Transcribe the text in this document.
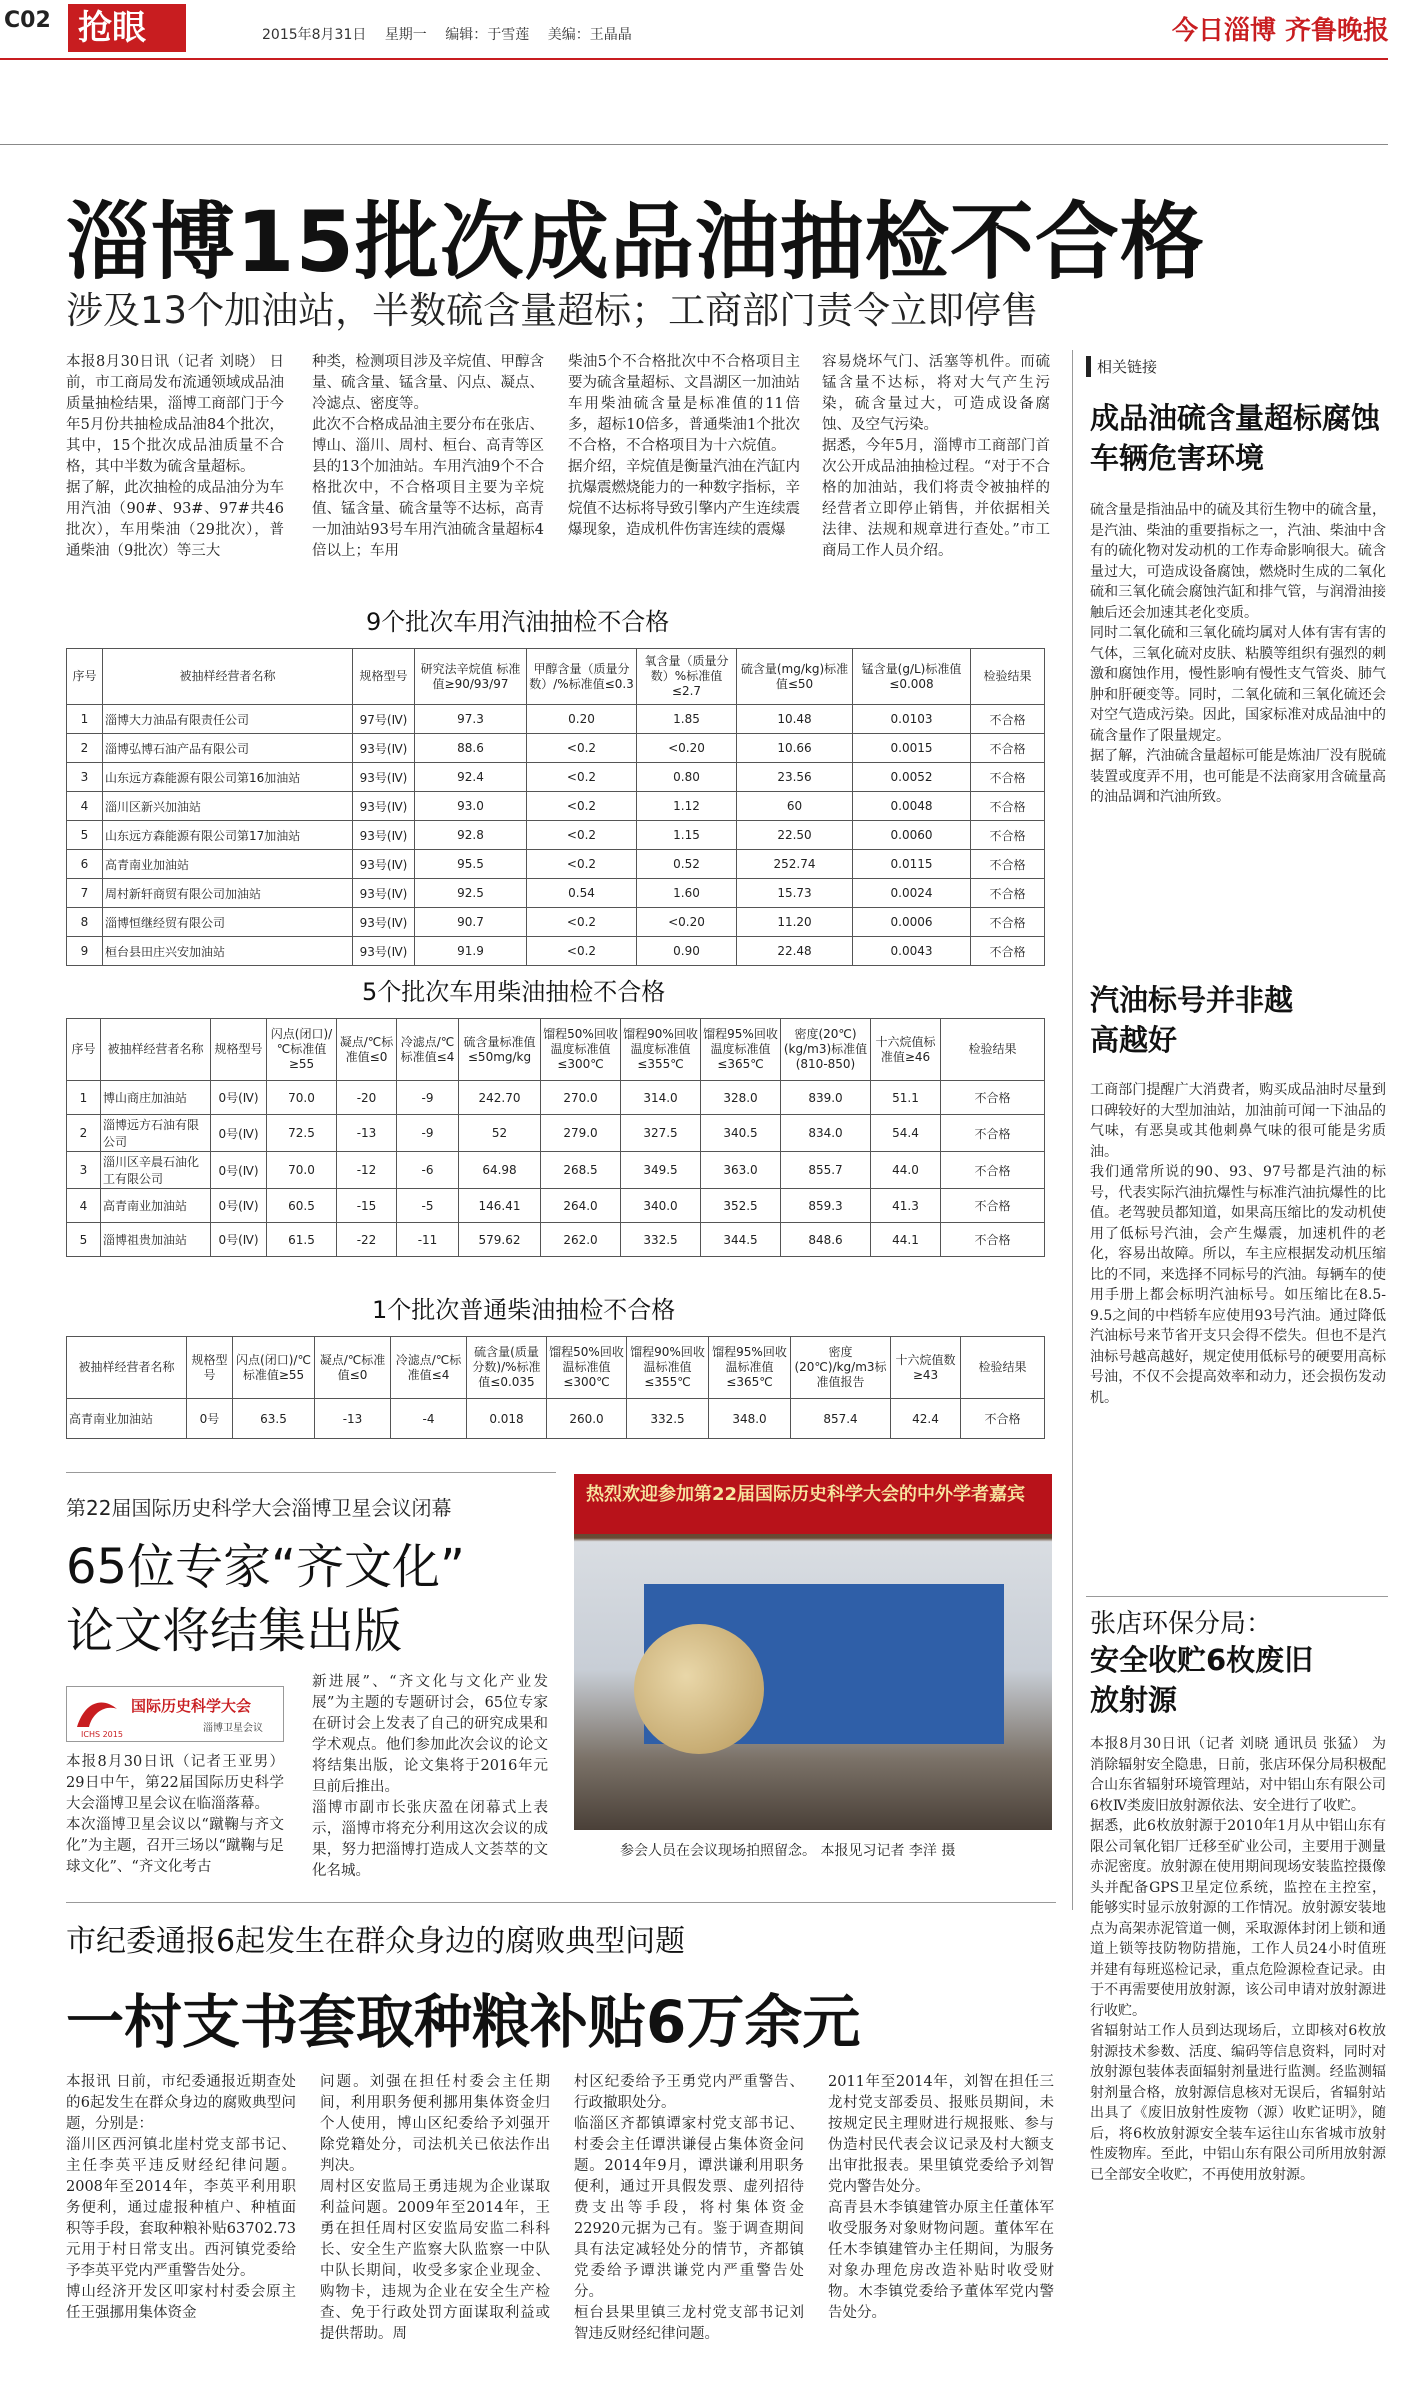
C02 抢眼	2015年8月31日 星期一 编辑：于雪莲 美编：王晶晶	今日淄博 齐鲁晚报
淄博15批次成品油抽检不合格
涉及13个加油站，半数硫含量超标；工商部门责令立即停售
本报8月30日讯（记者 刘晓） 日前，市工商局发布流通领域成品油质量抽检结果，淄博工商部门于今年5月份共抽检成品油84个批次，其中，15个批次成品油质量不合格，其中半数为硫含量超标。
据了解，此次抽检的成品油分为车用汽油（90#、93#、97#共46批次），车用柴油（29批次），普通柴油（9批次）等三大
种类，检测项目涉及辛烷值、甲醇含量、硫含量、锰含量、闪点、凝点、冷滤点、密度等。
此次不合格成品油主要分布在张店、博山、淄川、周村、桓台、高青等区县的13个加油站。车用汽油9个不合格批次中，不合格项目主要为辛烷值、锰含量、硫含量等不达标，高青一加油站93号车用汽油硫含量超标4倍以上；车用
柴油5个不合格批次中不合格项目主要为硫含量超标、文昌湖区一加油站车用柴油硫含量是标准值的11倍多，超标10倍多，普通柴油1个批次不合格，不合格项目为十六烷值。
据介绍，辛烷值是衡量汽油在汽缸内抗爆震燃烧能力的一种数字指标，辛烷值不达标将导致引擎内产生连续震爆现象，造成机件伤害连续的震爆
容易烧坏气门、活塞等机件。而硫锰含量不达标，将对大气产生污染，硫含量过大，可造成设备腐蚀、及空气污染。
据悉，今年5月，淄博市工商部门首次公开成品油抽检过程。“对于不合格的加油站，我们将责令被抽样的经营者立即停止销售，并依据相关法律、法规和规章进行查处。”市工商局工作人员介绍。
9个批次车用汽油抽检不合格
序号	被抽样经营者名称	规格型号	研究法辛烷值 标准值≥90/93/97	甲醇含量（质量分数）/%标准值≤0.3	氧含量（质量分数）%标准值≤2.7	硫含量(mg/kg)标准值≤50	锰含量(g/L)标准值≤0.008	检验结果
1	淄博大力油品有限责任公司	97号(Ⅳ)	97.3	0.20	1.85	10.48	0.0103	不合格
2	淄博弘博石油产品有限公司	93号(Ⅳ)	88.6	<0.2	<0.20	10.66	0.0015	不合格
3	山东远方森能源有限公司第16加油站	93号(Ⅳ)	92.4	<0.2	0.80	23.56	0.0052	不合格
4	淄川区新兴加油站	93号(Ⅳ)	93.0	<0.2	1.12	60	0.0048	不合格
5	山东远方森能源有限公司第17加油站	93号(Ⅳ)	92.8	<0.2	1.15	22.50	0.0060	不合格
6	高青南业加油站	93号(Ⅳ)	95.5	<0.2	0.52	252.74	0.0115	不合格
7	周村新轩商贸有限公司加油站	93号(Ⅳ)	92.5	0.54	1.60	15.73	0.0024	不合格
8	淄博恒继经贸有限公司	93号(Ⅳ)	90.7	<0.2	<0.20	11.20	0.0006	不合格
9	桓台县田庄兴安加油站	93号(Ⅳ)	91.9	<0.2	0.90	22.48	0.0043	不合格
5个批次车用柴油抽检不合格
序号	被抽样经营者名称	规格型号	闪点(闭口)/℃标准值≥55	凝点/℃标准值≤0	冷滤点/℃标准值≤4	硫含量标准值≤50mg/kg	馏程50%回收温度标准值≤300℃	馏程90%回收温度标准值≤355℃	馏程95%回收温度标准值≤365℃	密度(20℃)(kg/m3)标准值(810-850)	十六烷值标准值≥46	检验结果
1	博山商庄加油站	0号(Ⅳ)	70.0	-20	-9	242.70	270.0	314.0	328.0	839.0	51.1	不合格
2	淄博远方石油有限公司	0号(Ⅳ)	72.5	-13	-9	52	279.0	327.5	340.5	834.0	54.4	不合格
3	淄川区辛晨石油化工有限公司	0号(Ⅳ)	70.0	-12	-6	64.98	268.5	349.5	363.0	855.7	44.0	不合格
4	高青南业加油站	0号(Ⅳ)	60.5	-15	-5	146.41	264.0	340.0	352.5	859.3	41.3	不合格
5	淄博祖贵加油站	0号(Ⅳ)	61.5	-22	-11	579.62	262.0	332.5	344.5	848.6	44.1	不合格
1个批次普通柴油抽检不合格
被抽样经营者名称	规格型号	闪点(闭口)/℃标准值≥55	凝点/℃标准值≤0	冷滤点/℃标准值≤4	硫含量(质量分数)/%标准值≤0.035	馏程50%回收温标准值≤300℃	馏程90%回收温标准值≤355℃	馏程95%回收温标准值≤365℃	密度(20℃)/kg/m3标准值报告	十六烷值数≥43	检验结果
高青南业加油站	0号	63.5	-13	-4	0.018	260.0	332.5	348.0	857.4	42.4	不合格
相关链接
成品油硫含量超标腐蚀车辆危害环境
硫含量是指油品中的硫及其衍生物中的硫含量，是汽油、柴油的重要指标之一，汽油、柴油中含有的硫化物对发动机的工作寿命影响很大。硫含量过大，可造成设备腐蚀，燃烧时生成的二氧化硫和三氧化硫会腐蚀汽缸和排气管，与润滑油接触后还会加速其老化变质。
同时二氧化硫和三氧化硫均属对人体有害有害的气体，三氧化硫对皮肤、粘膜等组织有强烈的刺激和腐蚀作用，慢性影响有慢性支气管炎、肺气肿和肝硬变等。同时，二氧化硫和三氧化硫还会对空气造成污染。因此，国家标准对成品油中的硫含量作了限量规定。
据了解，汽油硫含量超标可能是炼油厂没有脱硫装置或度弄不用，也可能是不法商家用含硫量高的油品调和汽油所致。
汽油标号并非越高越好
工商部门提醒广大消费者，购买成品油时尽量到口碑较好的大型加油站，加油前可闻一下油品的气味，有恶臭或其他刺鼻气味的很可能是劣质油。
我们通常所说的90、93、97号都是汽油的标号，代表实际汽油抗爆性与标准汽油抗爆性的比值。老驾驶员都知道，如果高压缩比的发动机使用了低标号汽油，会产生爆震，加速机件的老化，容易出故障。所以，车主应根据发动机压缩比的不同，来选择不同标号的汽油。每辆车的使用手册上都会标明汽油标号。如压缩比在8.5-9.5之间的中档轿车应使用93号汽油。通过降低汽油标号来节省开支只会得不偿失。但也不是汽油标号越高越好，规定使用低标号的硬要用高标号油，不仅不会提高效率和动力，还会损伤发动机。
张店环保分局：
安全收贮6枚废旧放射源
本报8月30日讯（记者 刘晓 通讯员 张猛） 为消除辐射安全隐患，日前，张店环保分局积极配合山东省辐射环境管理站，对中铝山东有限公司6枚Ⅳ类废旧放射源依法、安全进行了收贮。
据悉，此6枚放射源于2010年1月从中铝山东有限公司氧化铝厂迁移至矿业公司，主要用于测量赤泥密度。放射源在使用期间现场安装监控摄像头并配备GPS卫星定位系统，监控在主控室，能够实时显示放射源的工作情况。放射源安装地点为高架赤泥管道一侧，采取源体封闭上锁和通道上锁等技防物防措施，工作人员24小时值班并建有每班巡检记录，重点危险源检查记录。由于不再需要使用放射源，该公司申请对放射源进行收贮。
省辐射站工作人员到达现场后，立即核对6枚放射源技术参数、活度、编码等信息资料，同时对放射源包装体表面辐射剂量进行监测。经监测辐射剂量合格，放射源信息核对无误后，省辐射站出具了《废旧放射性废物（源）收贮证明》，随后，将6枚放射源安全装车运往山东省城市放射性废物库。至此，中铝山东有限公司所用放射源已全部安全收贮，不再使用放射源。
第22届国际历史科学大会淄博卫星会议闭幕
65位专家“齐文化”
论文将结集出版
ICHS 2015
国际历史科学大会
淄博卫星会议
本报8月30日讯（记者王亚男）29日中午，第22届国际历史科学大会淄博卫星会议在临淄落幕。
本次淄博卫星会议以“蹴鞠与齐文化”为主题，召开三场以“蹴鞠与足球文化”、“齐文化考古
新进展”、“齐文化与文化产业发展”为主题的专题研讨会，65位专家在研讨会上发表了自己的研究成果和学术观点。他们参加此次会议的论文将结集出版，论文集将于2016年元旦前后推出。
淄博市副市长张庆盈在闭幕式上表示，淄博市将充分利用这次会议的成果，努力把淄博打造成人文荟萃的文化名城。
热烈欢迎参加第22届国际历史科学大会的中外学者嘉宾
参会人员在会议现场拍照留念。 本报见习记者 李洋 摄
市纪委通报6起发生在群众身边的腐败典型问题
一村支书套取种粮补贴6万余元
本报讯 日前，市纪委通报近期查处的6起发生在群众身边的腐败典型问题，分别是：
淄川区西河镇北崖村党支部书记、主任李英平违反财经纪律问题。2008年至2014年，李英平利用职务便利，通过虚报种植户、种植面积等手段，套取种粮补贴63702.73元用于村日常支出。西河镇党委给予李英平党内严重警告处分。
博山经济开发区叩家村村委会原主任王强挪用集体资金
问题。刘强在担任村委会主任期间，利用职务便利挪用集体资金归个人使用，博山区纪委给予刘强开除党籍处分，司法机关已依法作出判决。
周村区安监局王勇违规为企业谋取利益问题。2009年至2014年，王勇在担任周村区安监局安监二科科长、安全生产监察大队监察一中队中队长期间，收受多家企业现金、购物卡，违规为企业在安全生产检查、免于行政处罚方面谋取利益或提供帮助。周
村区纪委给予王勇党内严重警告、行政撤职处分。
临淄区齐都镇谭家村党支部书记、村委会主任谭洪谦侵占集体资金问题。2014年9月，谭洪谦利用职务便利，通过开具假发票、虚列招待费支出等手段，将村集体资金22920元据为己有。鉴于调查期间具有法定减轻处分的情节，齐都镇党委给予谭洪谦党内严重警告处分。
桓台县果里镇三龙村党支部书记刘智违反财经纪律问题。
2011年至2014年，刘智在担任三龙村党支部委员、报账员期间，未按规定民主理财进行规报账、参与伪造村民代表会议记录及村大额支出审批报表。果里镇党委给予刘智党内警告处分。
高青县木李镇建管办原主任董体军收受服务对象财物问题。董体军在任木李镇建管办主任期间，为服务对象办理危房改造补贴时收受财物。木李镇党委给予董体军党内警告处分。
